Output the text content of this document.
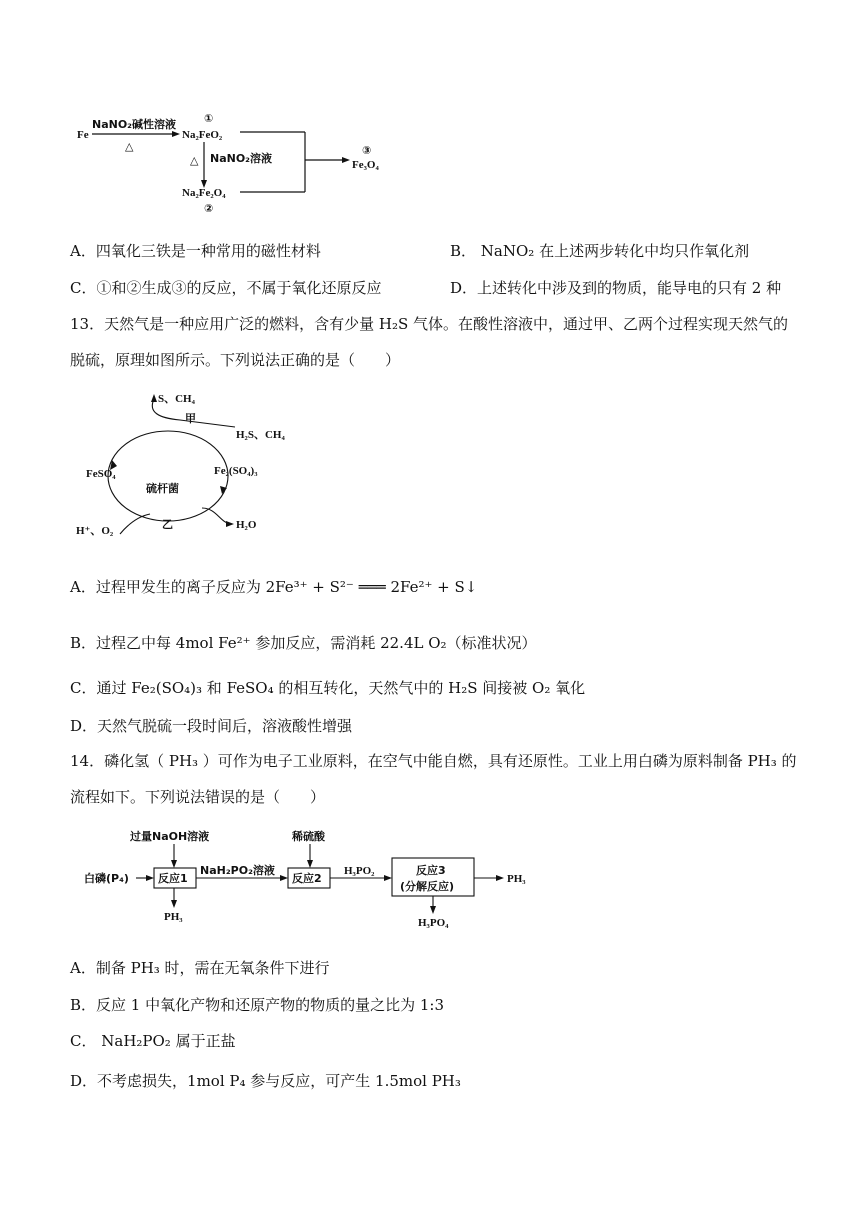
Fe
NaNO₂碱性溶液
△
①
Na₂FeO₂
△ NaNO₂溶液
Na₂Fe₂O₄
②
③
Fe₃O₄
A．四氧化三铁是一种常用的磁性材料	B． NaNO₂ 在上述两步转化中均只作氧化剂
C．①和②生成③的反应，不属于氧化还原反应	D．上述转化中涉及到的物质，能导电的只有 2 种
13．天然气是一种应用广泛的燃料，含有少量 H₂S 气体。在酸性溶液中，通过甲、乙两个过程实现天然气的
脱硫，原理如图所示。下列说法正确的是（　　）
S、CH₄
甲
H₂S、CH₄
FeSO₄	Fe₂(SO₄)₃
硫杆菌
乙
H⁺、O₂	H₂O
A．过程甲发生的离子反应为 2Fe³⁺ + S²⁻ ═══ 2Fe²⁺ + S↓
B．过程乙中每 4mol Fe²⁺ 参加反应，需消耗 22.4L O₂（标准状况）
C．通过 Fe₂(SO₄)₃ 和 FeSO₄ 的相互转化，天然气中的 H₂S 间接被 O₂ 氧化
D．天然气脱硫一段时间后，溶液酸性增强
14．磷化氢（ PH₃ ）可作为电子工业原料，在空气中能自燃，具有还原性。工业上用白磷为原料制备 PH₃ 的
流程如下。下列说法错误的是（　　）
过量NaOH溶液
白磷(P₄)	反应1
PH₃
NaH₂PO₂溶液
稀硫酸
反应2
H₃PO₂	反应3
(分解反应)
PH₃
H₃PO₄
A．制备 PH₃ 时，需在无氧条件下进行
B．反应 1 中氧化产物和还原产物的物质的量之比为 1:3
C． NaH₂PO₂ 属于正盐
D．不考虑损失，1mol P₄ 参与反应，可产生 1.5mol PH₃
